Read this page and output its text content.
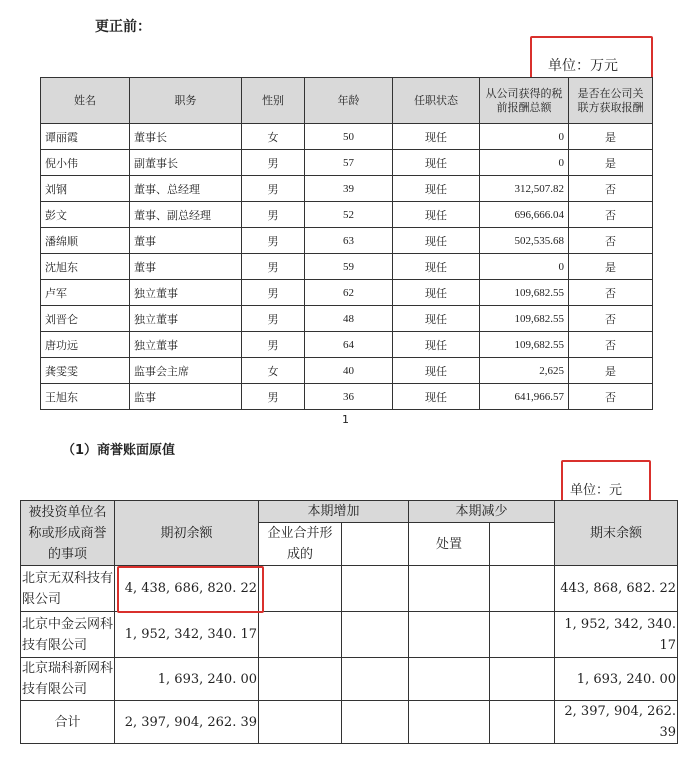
更正前：
单位：万元
姓名	职务	性别	年龄	任职状态	从公司获得的税前报酬总额	是否在公司关联方获取报酬
谭丽霞	董事长	女	50	现任	0	是
倪小伟	副董事长	男	57	现任	0	是
刘钢	董事、总经理	男	39	现任	312,507.82	否
彭文	董事、副总经理	男	52	现任	696,666.04	否
潘绵顺	董事	男	63	现任	502,535.68	否
沈旭东	董事	男	59	现任	0	是
卢军	独立董事	男	62	现任	109,682.55	否
刘晋仑	独立董事	男	48	现任	109,682.55	否
唐功远	独立董事	男	64	现任	109,682.55	否
龚雯雯	监事会主席	女	40	现任	2,625	是
王旭东	监事	男	36	现任	641,966.57	否
1
（1）商誉账面原值
单位：元
被投资单位名称或形成商誉的事项	期初余额	本期增加		本期减少		期末余额
		企业合并形成的		处置		
北京无双科技有限公司	4, 438, 686, 820. 22					443, 868, 682. 22
北京中金云网科技有限公司	1, 952, 342, 340. 17					1, 952, 342, 340. 17
北京瑞科新网科技有限公司	1, 693, 240. 00					1, 693, 240. 00
合计	2, 397, 904, 262. 39					2, 397, 904, 262. 39
